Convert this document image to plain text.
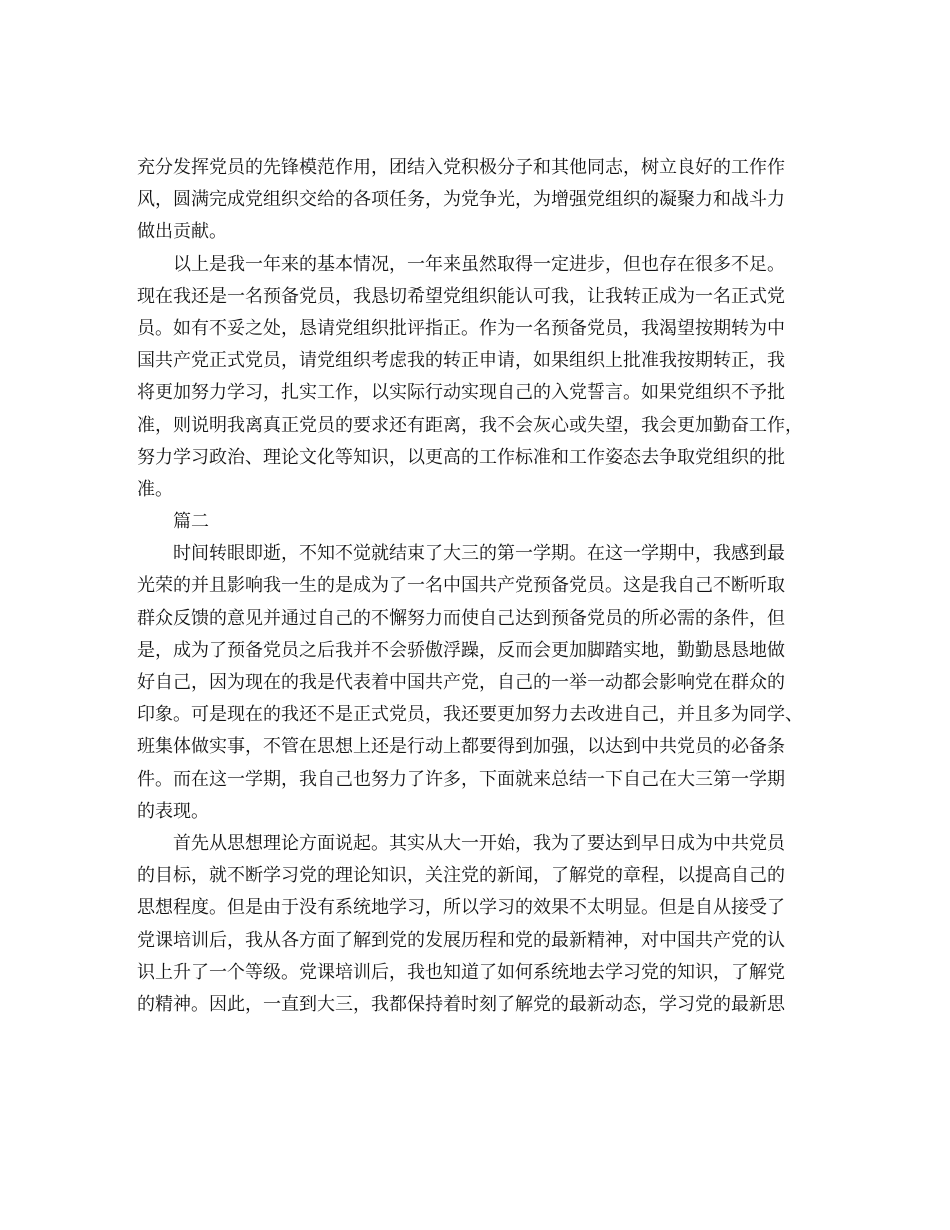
充分发挥党员的先锋模范作用，团结入党积极分子和其他同志，树立良好的工作作
风，圆满完成党组织交给的各项任务，为党争光，为增强党组织的凝聚力和战斗力
做出贡献。
以上是我一年来的基本情况，一年来虽然取得一定进步，但也存在很多不足。
现在我还是一名预备党员，我恳切希望党组织能认可我，让我转正成为一名正式党
员。如有不妥之处，恳请党组织批评指正。作为一名预备党员，我渴望按期转为中
国共产党正式党员，请党组织考虑我的转正申请，如果组织上批准我按期转正，我
将更加努力学习，扎实工作，以实际行动实现自己的入党誓言。如果党组织不予批
准，则说明我离真正党员的要求还有距离，我不会灰心或失望，我会更加勤奋工作，
努力学习政治、理论文化等知识，以更高的工作标准和工作姿态去争取党组织的批
准。
篇二
时间转眼即逝，不知不觉就结束了大三的第一学期。在这一学期中，我感到最
光荣的并且影响我一生的是成为了一名中国共产党预备党员。这是我自己不断听取
群众反馈的意见并通过自己的不懈努力而使自己达到预备党员的所必需的条件，但
是，成为了预备党员之后我并不会骄傲浮躁，反而会更加脚踏实地，勤勤恳恳地做
好自己，因为现在的我是代表着中国共产党，自己的一举一动都会影响党在群众的
印象。可是现在的我还不是正式党员，我还要更加努力去改进自己，并且多为同学、
班集体做实事，不管在思想上还是行动上都要得到加强，以达到中共党员的必备条
件。而在这一学期，我自己也努力了许多，下面就来总结一下自己在大三第一学期
的表现。
首先从思想理论方面说起。其实从大一开始，我为了要达到早日成为中共党员
的目标，就不断学习党的理论知识，关注党的新闻，了解党的章程，以提高自己的
思想程度。但是由于没有系统地学习，所以学习的效果不太明显。但是自从接受了
党课培训后，我从各方面了解到党的发展历程和党的最新精神，对中国共产党的认
识上升了一个等级。党课培训后，我也知道了如何系统地去学习党的知识，了解党
的精神。因此，一直到大三，我都保持着时刻了解党的最新动态，学习党的最新思
